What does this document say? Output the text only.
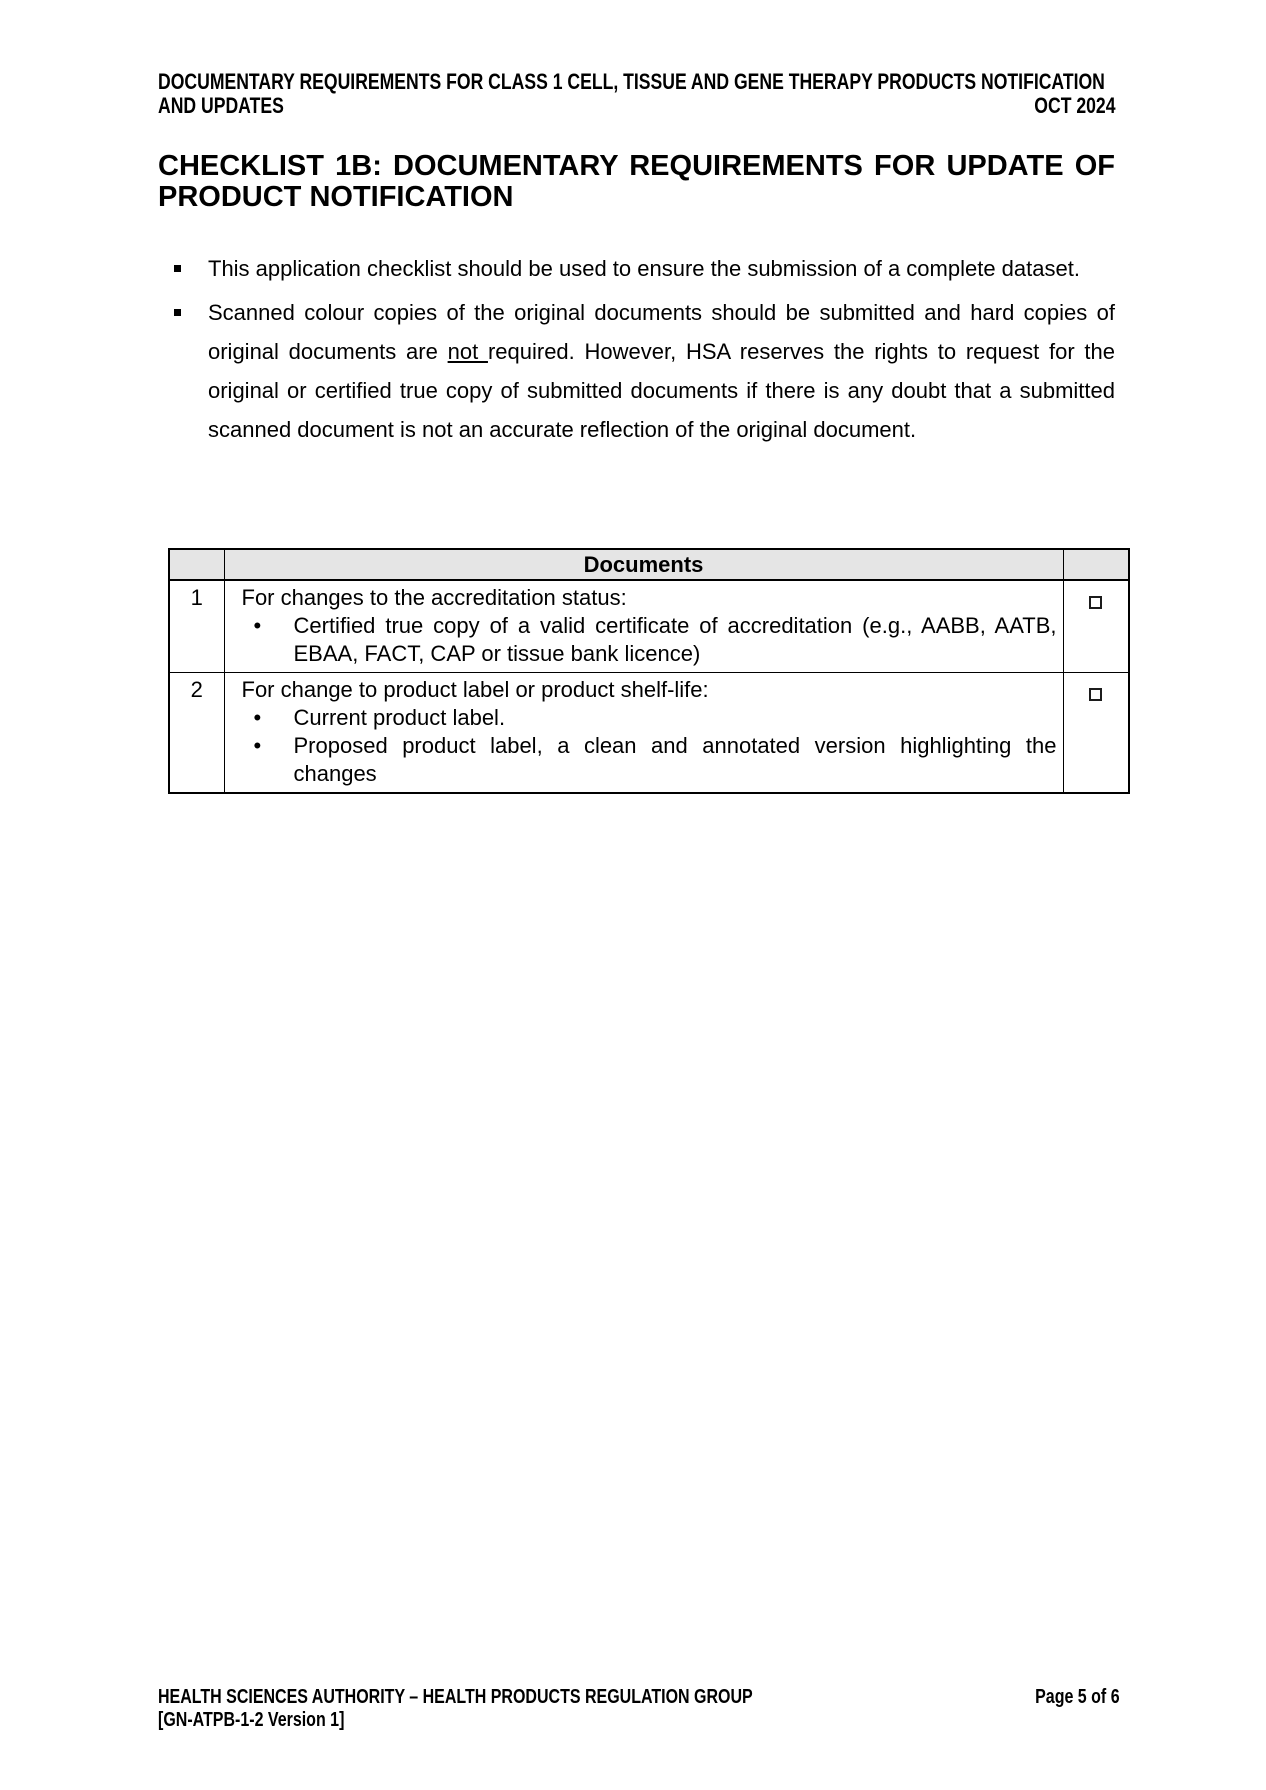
DOCUMENTARY REQUIREMENTS FOR CLASS 1 CELL, TISSUE AND GENE THERAPY PRODUCTS NOTIFICATION
AND UPDATES	OCT 2024
CHECKLIST 1B: DOCUMENTARY REQUIREMENTS FOR UPDATE OF
PRODUCT NOTIFICATION
This application checklist should be used to ensure the submission of a complete dataset.
Scanned colour copies of the original documents should be submitted and hard copies of original documents are not required. However, HSA reserves the rights to request for the original or certified true copy of submitted documents if there is any doubt that a submitted scanned document is not an accurate reflection of the original document.
	Documents	
1	For changes to the accreditation status:
• Certified true copy of a valid certificate of accreditation (e.g., AABB, AATB, EBAA, FACT, CAP or tissue bank licence)

2	For change to product label or product shelf-life:
• Current product label.
• Proposed product label, a clean and annotated version highlighting the changes

HEALTH SCIENCES AUTHORITY – HEALTH PRODUCTS REGULATION GROUP	Page 5 of 6
[GN-ATPB-1-2 Version 1]
